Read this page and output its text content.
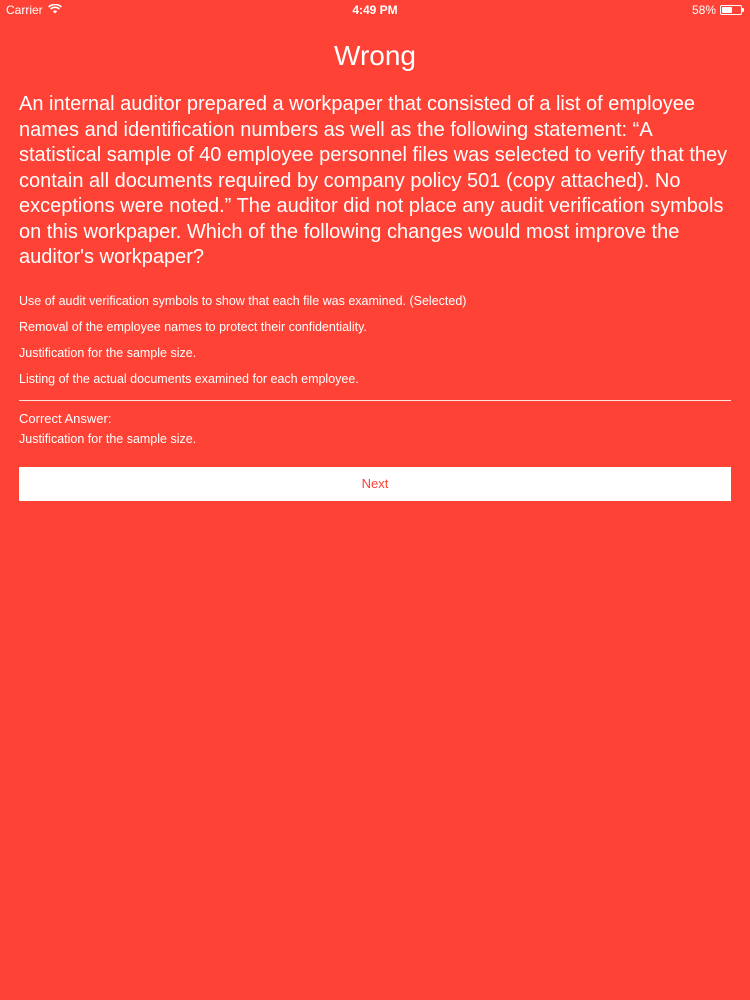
Carrier	4:49 PM	58%
Wrong
An internal auditor prepared a workpaper that consisted of a list of employee names and identification numbers as well as the following statement: “A statistical sample of 40 employee personnel files was selected to verify that they contain all documents required by company policy 501 (copy attached). No exceptions were noted.” The auditor did not place any audit verification symbols on this workpaper. Which of the following changes would most improve the auditor's workpaper?
Use of audit verification symbols to show that each file was examined. (Selected)
Removal of the employee names to protect their confidentiality.
Justification for the sample size.
Listing of the actual documents examined for each employee.
Correct Answer:
Justification for the sample size.
Next
